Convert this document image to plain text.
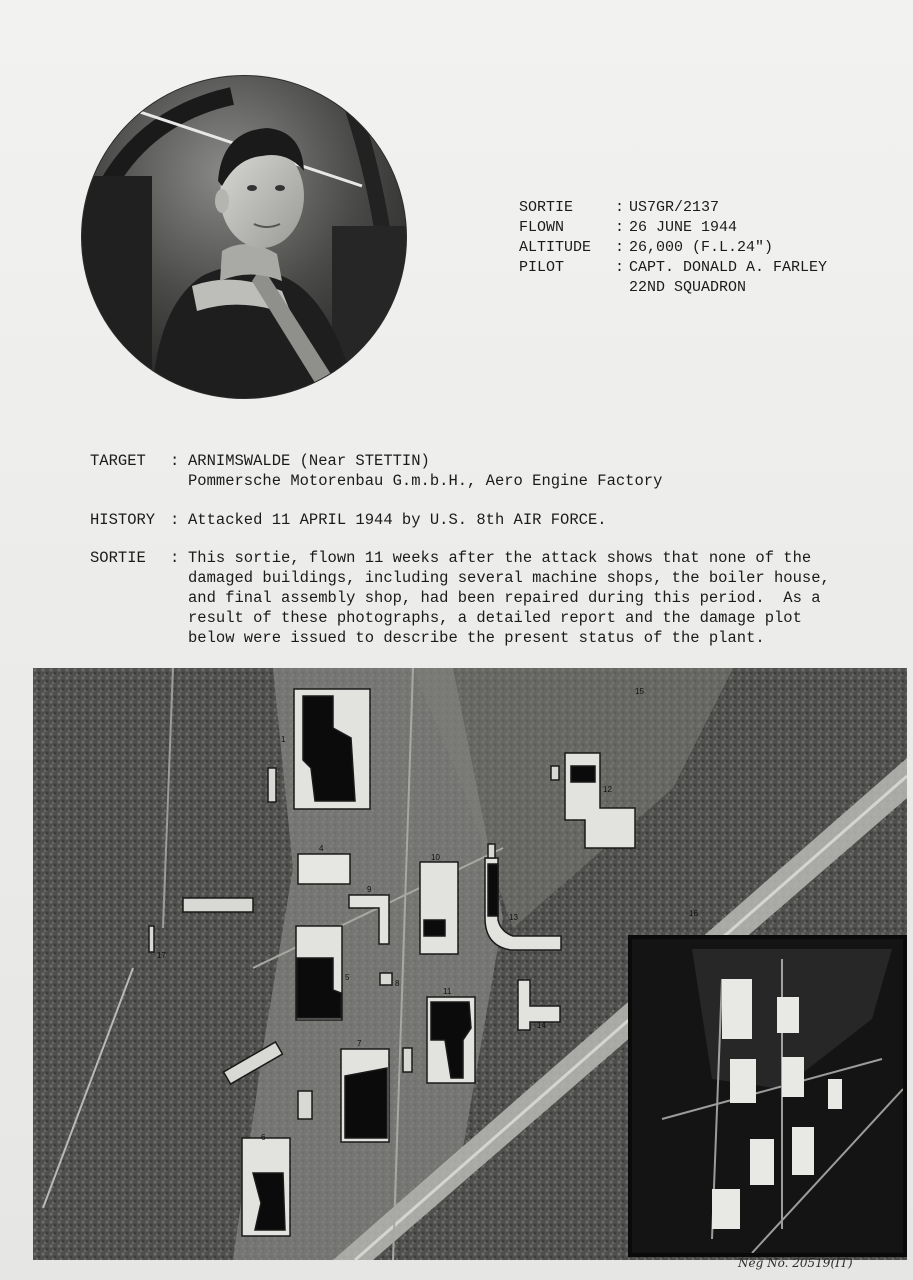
SORTIE	: US7GR/2137
FLOWN	: 26 JUNE 1944
ALTITUDE	: 26,000 (F.L.24")
PILOT	: CAPT. DONALD A. FARLEY

22ND SQUADRON
TARGET : ARNIMSWALDE (Near STETTIN)
Pommersche Motorenbau G.m.b.H., Aero Engine Factory
HISTORY : Attacked 11 APRIL 1944 by U.S. 8th AIR FORCE.
SORTIE : This sortie, flown 11 weeks after the attack shows that none of the
damaged buildings, including several machine shops, the boiler house,
and final assembly shop, had been repaired during this period.  As a
result of these photographs, a detailed report and the damage plot
below were issued to describe the present status of the plant.
1
4
5
6
7
8
9
10
11
12
13
14
15
16
17
Neg No. 20519(IT)
